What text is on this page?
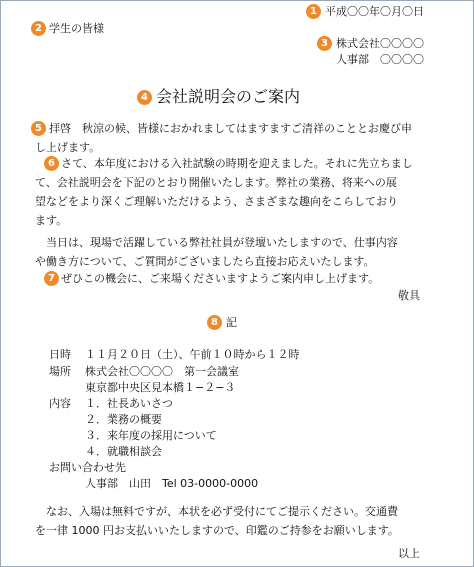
1 平成〇〇年〇月〇日
2 学生の皆様
3 株式会社〇〇〇〇
人事部　〇〇〇〇
4 会社説明会のご案内
5 拝啓　秋涼の候、皆様におかれましてはますますご清祥のこととお慶び申
し上げます。
6 さて、本年度における入社試験の時期を迎えました。それに先立ちまし
て、会社説明会を下記のとおり開催いたします。弊社の業務、将来への展
望などをより深くご理解いただけるよう、さまざまな趣向をこらしており
ます。
　当日は、現場で活躍している弊社社員が登壇いたしますので、仕事内容
や働き方について、ご質問がございましたら直接お応えいたします。
7 ぜひこの機会に、ご来場くださいますようご案内申し上げます。
敬具
8 記
日時 １１月２０日（土）、午前１０時から１２時
場所 株式会社〇〇〇〇　第一会議室
東京都中央区見本橋１−２−３
内容 １．社長あいさつ
２．業務の概要
３．来年度の採用について
４．就職相談会
お問い合わせ先
人事部　山田　Tel 03-0000-0000
　なお、入場は無料ですが、本状を必ず受付にてご提示ください。交通費
を一律 1000 円お支払いいたしますので、印鑑のご持参をお願いします。
以上
